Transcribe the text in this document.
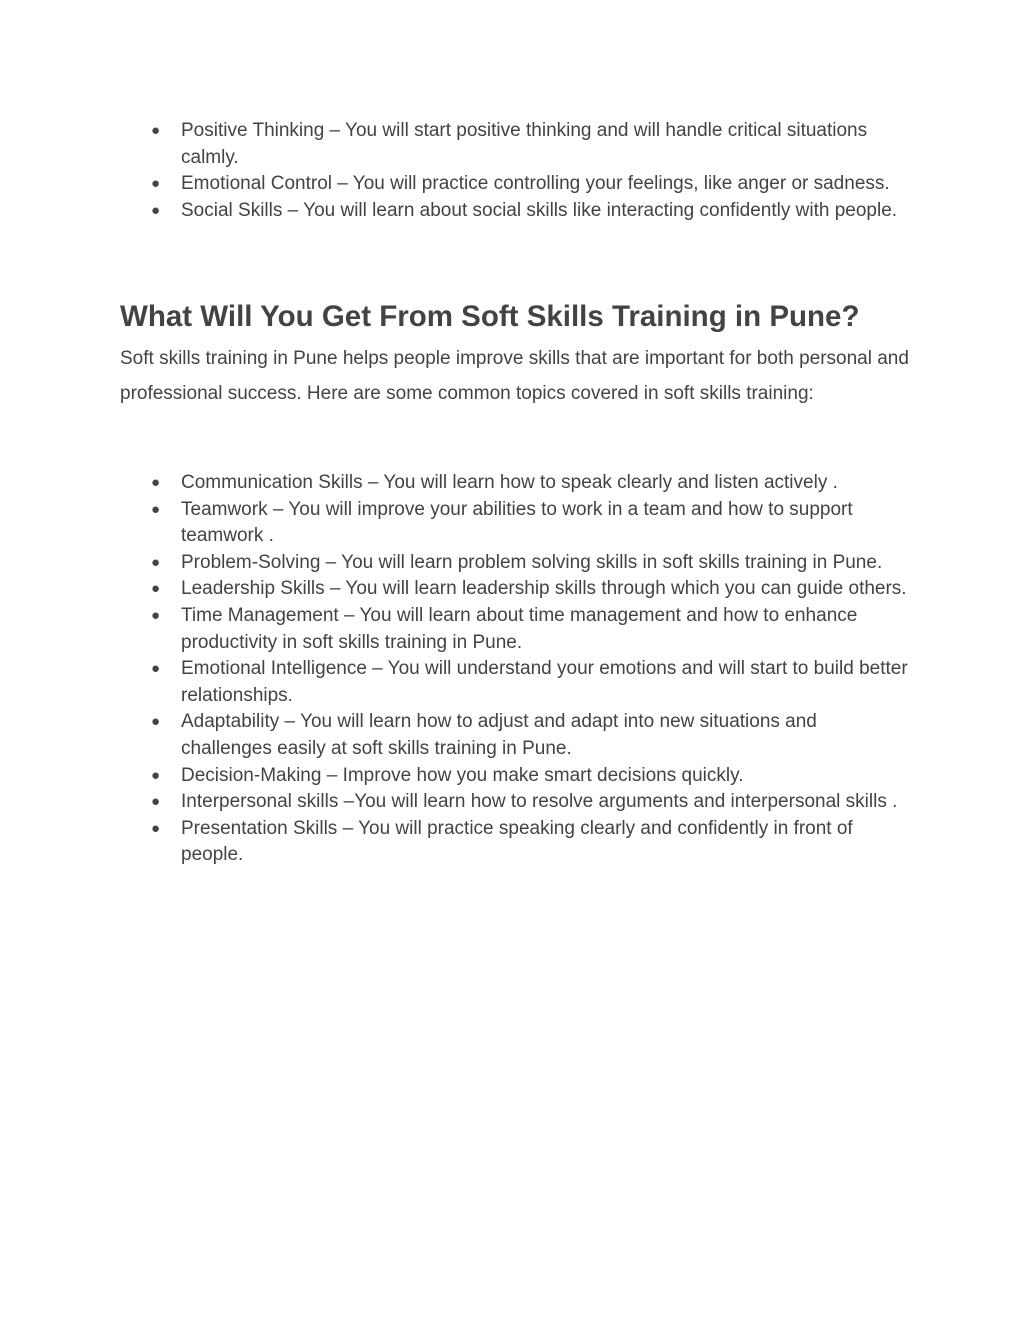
● Positive Thinking – You will start positive thinking and will handle critical situations calmly.
● Emotional Control – You will practice controlling your feelings, like anger or sadness.
● Social Skills – You will learn about social skills like interacting confidently with people.
What Will You Get From Soft Skills Training in Pune?

Soft skills training in Pune helps people improve skills that are important for both personal and professional success. Here are some common topics covered in soft skills training:

● Communication Skills – You will learn how to speak clearly and listen actively .
● Teamwork – You will improve your abilities to work in a team and how to support teamwork .
● Problem-Solving – You will learn problem solving skills in soft skills training in Pune.
● Leadership Skills – You will learn leadership skills through which you can guide others.
● Time Management – You will learn about time management and how to enhance productivity in soft skills training in Pune.
● Emotional Intelligence – You will understand your emotions and will start to build better relationships.
● Adaptability – You will learn how to adjust and adapt into new situations and challenges easily at soft skills training in Pune.
● Decision-Making – Improve how you make smart decisions quickly.
● Interpersonal skills –You will learn how to resolve arguments and interpersonal skills .
● Presentation Skills – You will practice speaking clearly and confidently in front of people.
